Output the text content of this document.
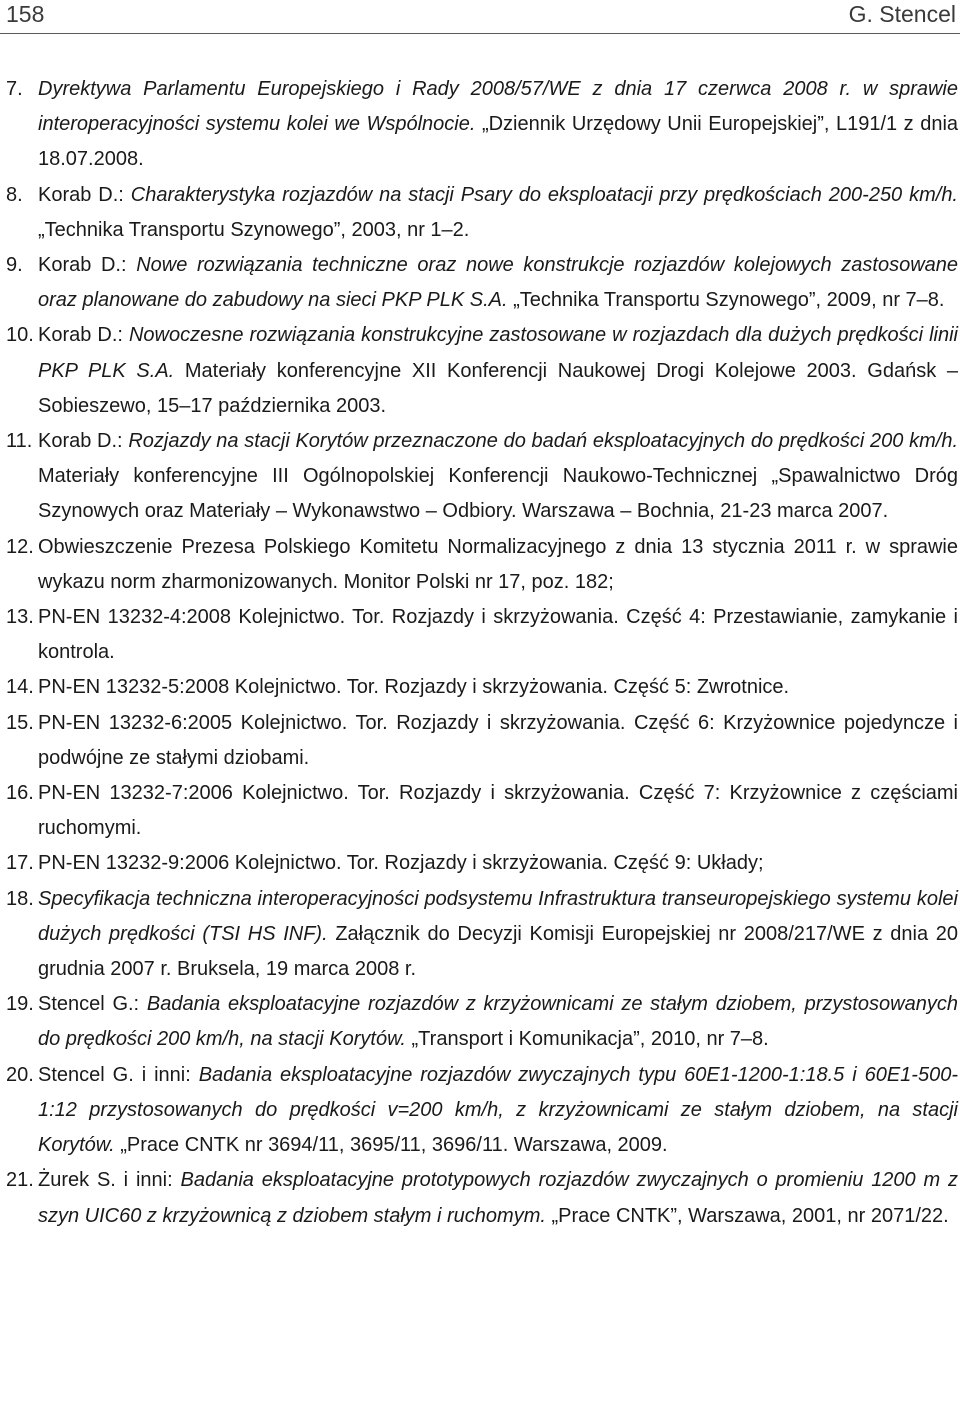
158	G. Stencel
7. Dyrektywa Parlamentu Europejskiego i Rady 2008/57/WE z dnia 17 czerwca 2008 r. w sprawie interoperacyjności systemu kolei we Wspólnocie. „Dziennik Urzędowy Unii Europejskiej”, L191/1 z dnia 18.07.2008.
8. Korab D.: Charakterystyka rozjazdów na stacji Psary do eksploatacji przy prędkościach 200-250 km/h. „Technika Transportu Szynowego”, 2003, nr 1–2.
9. Korab D.: Nowe rozwiązania techniczne oraz nowe konstrukcje rozjazdów kolejowych zastosowane oraz planowane do zabudowy na sieci PKP PLK S.A. „Technika Transportu Szynowego”, 2009, nr 7–8.
10. Korab D.: Nowoczesne rozwiązania konstrukcyjne zastosowane w rozjazdach dla dużych prędkości linii PKP PLK S.A. Materiały konferencyjne XII Konferencji Naukowej Drogi Kolejowe 2003. Gdańsk – Sobieszewo, 15–17 października 2003.
11. Korab D.: Rozjazdy na stacji Korytów przeznaczone do badań eksploatacyjnych do prędkości 200 km/h. Materiały konferencyjne III Ogólnopolskiej Konferencji Naukowo-Technicznej „Spawalnictwo Dróg Szynowych oraz Materiały – Wykonawstwo – Odbiory. Warszawa – Bochnia, 21-23 marca 2007.
12. Obwieszczenie Prezesa Polskiego Komitetu Normalizacyjnego z dnia 13 stycznia 2011 r. w sprawie wykazu norm zharmonizowanych. Monitor Polski nr 17, poz. 182;
13. PN-EN 13232-4:2008 Kolejnictwo. Tor. Rozjazdy i skrzyżowania. Część 4: Przestawianie, zamykanie i kontrola.
14. PN-EN 13232-5:2008 Kolejnictwo. Tor. Rozjazdy i skrzyżowania. Część 5: Zwrotnice.
15. PN-EN 13232-6:2005 Kolejnictwo. Tor. Rozjazdy i skrzyżowania. Część 6: Krzyżownice pojedyncze i podwójne ze stałymi dziobami.
16. PN-EN 13232-7:2006 Kolejnictwo. Tor. Rozjazdy i skrzyżowania. Część 7: Krzyżownice z częściami ruchomymi.
17. PN-EN 13232-9:2006 Kolejnictwo. Tor. Rozjazdy i skrzyżowania. Część 9: Układy;
18. Specyfikacja techniczna interoperacyjności podsystemu Infrastruktura transeuropejskiego systemu kolei dużych prędkości (TSI HS INF). Załącznik do Decyzji Komisji Europejskiej nr 2008/217/WE z dnia 20 grudnia 2007 r. Bruksela, 19 marca 2008 r.
19. Stencel G.: Badania eksploatacyjne rozjazdów z krzyżownicami ze stałym dziobem, przystosowanych do prędkości 200 km/h, na stacji Korytów. „Transport i Komunikacja”, 2010, nr 7–8.
20. Stencel G. i inni: Badania eksploatacyjne rozjazdów zwyczajnych typu 60E1-1200-1:18.5 i 60E1-500-1:12 przystosowanych do prędkości v=200 km/h, z krzyżownicami ze stałym dziobem, na stacji Korytów. „Prace CNTK nr 3694/11, 3695/11, 3696/11. Warszawa, 2009.
21. Żurek S. i inni: Badania eksploatacyjne prototypowych rozjazdów zwyczajnych o promieniu 1200 m z szyn UIC60 z krzyżownicą z dziobem stałym i ruchomym. „Prace CNTK”, Warszawa, 2001, nr 2071/22.
